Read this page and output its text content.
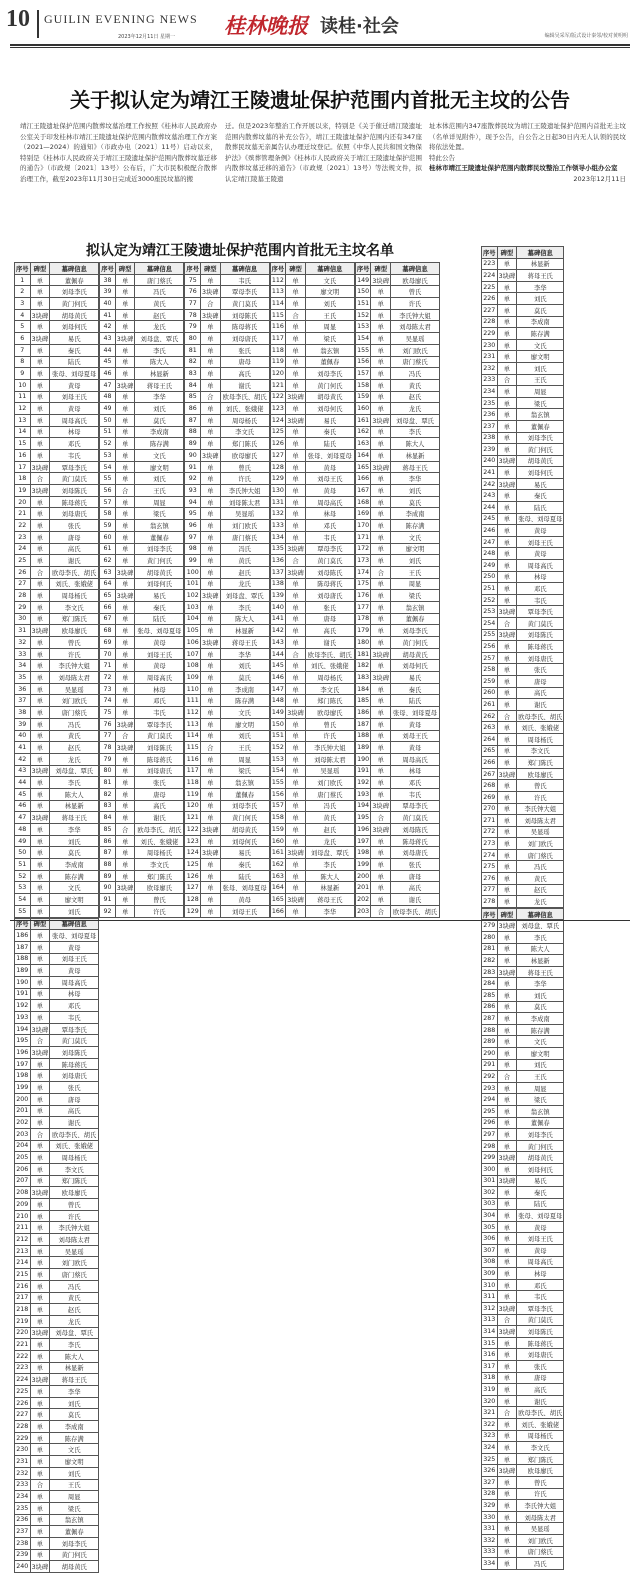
10 GUILIN EVENING NEWS
2023年12月11日 星期一 桂林晚报 读桂·社会	编辑吴采军/版式设计秦邻/校对黄明明
关于拟认定为靖江王陵遗址保护范围内首批无主坟的公告
靖江王陵遗址保护范围内散葬坟墓治理工作按照《桂林市人民政府办公室关于印发桂林市靖江王陵遗址保护范围内散葬坟墓治理工作方案（2021—2024）的通知》（市政办电〔2021〕11号）启动以来，特别是《桂林市人民政府关于靖江王陵遗址保护范围内散葬坟墓迁移的通告》（市政规〔2021〕13号）公布后，广大市民积极配合散葬治理工作，截至2023年11月30日完成近3000座民坟墓的搬
迁。但是2023年整治工作开展以来，特别是《关于催迁靖江陵遗址范围内散葬坟墓的补充公告》，靖江王陵遗址保护范围内还有347座散葬民坟墓无亲属告认办理迁坟登记。依照《中华人民共和国文物保护法》《殡葬管理条例》《桂林市人民政府关于靖江王陵遗址保护范围内散葬坟墓迁移的通告》（市政规〔2021〕13号）等法规文件，拟认定靖江陵墓王陵遗
址本体范围内347座散葬民坟为靖江王陵遗址保护范围内首批无主坟（名单详见附件），现予公告，自公告之日起30日内无人认领的民坟将依法处置。
特此公告
桂林市靖江王陵遗址保护范围内散葬民坟整治工作领导小组办公室

2023年12月11日
拟认定为靖江王陵遗址保护范围内首批无主坟名单
序号	碑型	墓碑信息
1	单	董佩春
2	单	刘母李氏
3	单	黄门何氏
4	3块碑	胡母黄氏
5	单	刘母何氏
6	3块碑	易氏
7	单	秦氏
8	单	陆氏
9	单	张母、刘母夏母
10	单	黄母
11	单	刘母王氏
12	单	黄母
13	单	周母高氏
14	单	林母
15	单	邓氏
16	单	韦氏
17	3块碑	覃母李氏
18	合	黄门莫氏
19	3块碑	刘母陈氏
20	单	陈母蒋氏
21	单	刘母唐氏
22	单	张氏
23	单	唐母
24	单	高氏
25	单	谢氏
26	合	欧母李氏、胡氏
27	单	刘氏、张娥佬
28	单	周母杨氏
29	单	李文氏
30	单	郑门陈氏
31	3块碑	欧母廖氏
32	单	曾氏
33	单	许氏
34	单	李氏钟大姐
35	单	刘母陈太君
36	单	吴显瑶
37	单	刘门欧氏
38	单	唐门蔡氏
39	单	冯氏
40	单	黄氏
41	单	赵氏
42	单	龙氏
43	3块碑	刘母盘、覃氏
44	单	李氏
45	单	陈大人
46	单	林显新
47	3块碑	蒋母王氏
48	单	李华
49	单	刘氏
50	单	莫氏
51	单	李成南
52	单	陈存满
53	单	文氏
54	单	廖文明
55	单	刘氏
序号	碑型	墓碑信息
38	单	唐门蔡氏
39	单	冯氏
40	单	黄氏
41	单	赵氏
42	单	龙氏
43	3块碑	刘母盘、覃氏
44	单	李氏
45	单	陈大人
46	单	林显新
47	3块碑	蒋母王氏
48	单	李华
49	单	刘氏
50	单	莫氏
51	单	李成南
52	单	陈存满
53	单	文氏
54	单	廖文明
55	单	刘氏
56	合	王氏
57	单	周显
58	单	梁氏
59	单	翁玄镇
60	单	董佩春
61	单	刘母李氏
62	单	黄门何氏
63	3块碑	胡母黄氏
64	单	刘母何氏
65	3块碑	易氏
66	单	秦氏
67	单	陆氏
68	单	张母、刘母夏母
69	单	黄母
70	单	刘母王氏
71	单	黄母
72	单	周母高氏
73	单	林母
74	单	邓氏
75	单	韦氏
76	3块碑	覃母李氏
77	合	黄门莫氏
78	3块碑	刘母陈氏
79	单	陈母蒋氏
80	单	刘母唐氏
81	单	张氏
82	单	唐母
83	单	高氏
84	单	谢氏
85	合	欧母李氏、胡氏
86	单	刘氏、张娥佬
87	单	周母杨氏
88	单	李文氏
89	单	郑门陈氏
90	3块碑	欧母廖氏
91	单	曾氏
92	单	许氏
序号	碑型	墓碑信息
75	单	韦氏
76	3块碑	覃母李氏
77	合	黄门莫氏
78	3块碑	刘母陈氏
79	单	陈母蒋氏
80	单	刘母唐氏
81	单	张氏
82	单	唐母
83	单	高氏
84	单	谢氏
85	合	欧母李氏、胡氏
86	单	刘氏、张娥佬
87	单	周母杨氏
88	单	李文氏
89	单	郑门陈氏
90	3块碑	欧母廖氏
91	单	曾氏
92	单	许氏
93	单	李氏钟大姐
94	单	刘母陈太君
95	单	吴显瑶
96	单	刘门欧氏
97	单	唐门蔡氏
98	单	冯氏
99	单	黄氏
100	单	赵氏
101	单	龙氏
102	3块碑	刘母盘、覃氏
103	单	李氏
104	单	陈大人
105	单	林显新
106	3块碑	蒋母王氏
107	单	李华
108	单	刘氏
109	单	莫氏
110	单	李成南
111	单	陈存满
112	单	文氏
113	单	廖文明
114	单	刘氏
115	合	王氏
116	单	周显
117	单	梁氏
118	单	翁玄镇
119	单	董佩春
120	单	刘母李氏
121	单	黄门何氏
122	3块碑	胡母黄氏
123	单	刘母何氏
124	3块碑	易氏
125	单	秦氏
126	单	陆氏
127	单	张母、刘母夏母
128	单	黄母
129	单	刘母王氏
序号	碑型	墓碑信息
112	单	文氏
113	单	廖文明
114	单	刘氏
115	合	王氏
116	单	周显
117	单	梁氏
118	单	翁玄镇
119	单	董佩春
120	单	刘母李氏
121	单	黄门何氏
122	3块碑	胡母黄氏
123	单	刘母何氏
124	3块碑	易氏
125	单	秦氏
126	单	陆氏
127	单	张母、刘母夏母
128	单	黄母
129	单	刘母王氏
130	单	黄母
131	单	周母高氏
132	单	林母
133	单	邓氏
134	单	韦氏
135	3块碑	覃母李氏
136	合	黄门莫氏
137	3块碑	刘母陈氏
138	单	陈母蒋氏
139	单	刘母唐氏
140	单	张氏
141	单	唐母
142	单	高氏
143	单	谢氏
144	合	欧母李氏、胡氏
145	单	刘氏、张娥佬
146	单	周母杨氏
147	单	李文氏
148	单	郑门陈氏
149	3块碑	欧母廖氏
150	单	曾氏
151	单	许氏
152	单	李氏钟大姐
153	单	刘母陈太君
154	单	吴显瑶
155	单	刘门欧氏
156	单	唐门蔡氏
157	单	冯氏
158	单	黄氏
159	单	赵氏
160	单	龙氏
161	3块碑	刘母盘、覃氏
162	单	李氏
163	单	陈大人
164	单	林显新
165	3块碑	蒋母王氏
166	单	李华
序号	碑型	墓碑信息
149	3块碑	欧母廖氏
150	单	曾氏
151	单	许氏
152	单	李氏钟大姐
153	单	刘母陈太君
154	单	吴显瑶
155	单	刘门欧氏
156	单	唐门蔡氏
157	单	冯氏
158	单	黄氏
159	单	赵氏
160	单	龙氏
161	3块碑	刘母盘、覃氏
162	单	李氏
163	单	陈大人
164	单	林显新
165	3块碑	蒋母王氏
166	单	李华
167	单	刘氏
168	单	莫氏
169	单	李成南
170	单	陈存满
171	单	文氏
172	单	廖文明
173	单	刘氏
174	合	王氏
175	单	周显
176	单	梁氏
177	单	翁玄镇
178	单	董佩春
179	单	刘母李氏
180	单	黄门何氏
181	3块碑	胡母黄氏
182	单	刘母何氏
183	3块碑	易氏
184	单	秦氏
185	单	陆氏
186	单	张母、刘母夏母
187	单	黄母
188	单	刘母王氏
189	单	黄母
190	单	周母高氏
191	单	林母
192	单	邓氏
193	单	韦氏
194	3块碑	覃母李氏
195	合	黄门莫氏
196	3块碑	刘母陈氏
197	单	陈母蒋氏
198	单	刘母唐氏
199	单	张氏
200	单	唐母
201	单	高氏
202	单	谢氏
203	合	欧母李氏、胡氏
序号	碑型	墓碑信息
186	单	张母、刘母夏母
187	单	黄母
188	单	刘母王氏
189	单	黄母
190	单	周母高氏
191	单	林母
192	单	邓氏
193	单	韦氏
194	3块碑	覃母李氏
195	合	黄门莫氏
196	3块碑	刘母陈氏
197	单	陈母蒋氏
198	单	刘母唐氏
199	单	张氏
200	单	唐母
201	单	高氏
202	单	谢氏
203	合	欧母李氏、胡氏
204	单	刘氏、张娥佬
205	单	周母杨氏
206	单	李文氏
207	单	郑门陈氏
208	3块碑	欧母廖氏
209	单	曾氏
210	单	许氏
211	单	李氏钟大姐
212	单	刘母陈太君
213	单	吴显瑶
214	单	刘门欧氏
215	单	唐门蔡氏
216	单	冯氏
217	单	黄氏
218	单	赵氏
219	单	龙氏
220	3块碑	刘母盘、覃氏
221	单	李氏
222	单	陈大人
223	单	林显新
224	3块碑	蒋母王氏
225	单	李华
226	单	刘氏
227	单	莫氏
228	单	李成南
229	单	陈存满
230	单	文氏
231	单	廖文明
232	单	刘氏
233	合	王氏
234	单	周显
235	单	梁氏
236	单	翁玄镇
237	单	董佩春
238	单	刘母李氏
239	单	黄门何氏
240	3块碑	胡母黄氏
序号	碑型	墓碑信息
223	单	林显新
224	3块碑	蒋母王氏
225	单	李华
226	单	刘氏
227	单	莫氏
228	单	李成南
229	单	陈存满
230	单	文氏
231	单	廖文明
232	单	刘氏
233	合	王氏
234	单	周显
235	单	梁氏
236	单	翁玄镇
237	单	董佩春
238	单	刘母李氏
239	单	黄门何氏
240	3块碑	胡母黄氏
241	单	刘母何氏
242	3块碑	易氏
243	单	秦氏
244	单	陆氏
245	单	张母、刘母夏母
246	单	黄母
247	单	刘母王氏
248	单	黄母
249	单	周母高氏
250	单	林母
251	单	邓氏
252	单	韦氏
253	3块碑	覃母李氏
254	合	黄门莫氏
255	3块碑	刘母陈氏
256	单	陈母蒋氏
257	单	刘母唐氏
258	单	张氏
259	单	唐母
260	单	高氏
261	单	谢氏
262	合	欧母李氏、胡氏
263	单	刘氏、张娥佬
264	单	周母杨氏
265	单	李文氏
266	单	郑门陈氏
267	3块碑	欧母廖氏
268	单	曾氏
269	单	许氏
270	单	李氏钟大姐
271	单	刘母陈太君
272	单	吴显瑶
273	单	刘门欧氏
274	单	唐门蔡氏
275	单	冯氏
276	单	黄氏
277	单	赵氏
278	单	龙氏
序号	碑型	墓碑信息
279	3块碑	刘母盘、覃氏
280	单	李氏
281	单	陈大人
282	单	林显新
283	3块碑	蒋母王氏
284	单	李华
285	单	刘氏
286	单	莫氏
287	单	李成南
288	单	陈存满
289	单	文氏
290	单	廖文明
291	单	刘氏
292	合	王氏
293	单	周显
294	单	梁氏
295	单	翁玄镇
296	单	董佩春
297	单	刘母李氏
298	单	黄门何氏
299	3块碑	胡母黄氏
300	单	刘母何氏
301	3块碑	易氏
302	单	秦氏
303	单	陆氏
304	单	张母、刘母夏母
305	单	黄母
306	单	刘母王氏
307	单	黄母
308	单	周母高氏
309	单	林母
310	单	邓氏
311	单	韦氏
312	3块碑	覃母李氏
313	合	黄门莫氏
314	3块碑	刘母陈氏
315	单	陈母蒋氏
316	单	刘母唐氏
317	单	张氏
318	单	唐母
319	单	高氏
320	单	谢氏
321	合	欧母李氏、胡氏
322	单	刘氏、张娥佬
323	单	周母杨氏
324	单	李文氏
325	单	郑门陈氏
326	3块碑	欧母廖氏
327	单	曾氏
328	单	许氏
329	单	李氏钟大姐
330	单	刘母陈太君
331	单	吴显瑶
332	单	刘门欧氏
333	单	唐门蔡氏
334	单	冯氏
